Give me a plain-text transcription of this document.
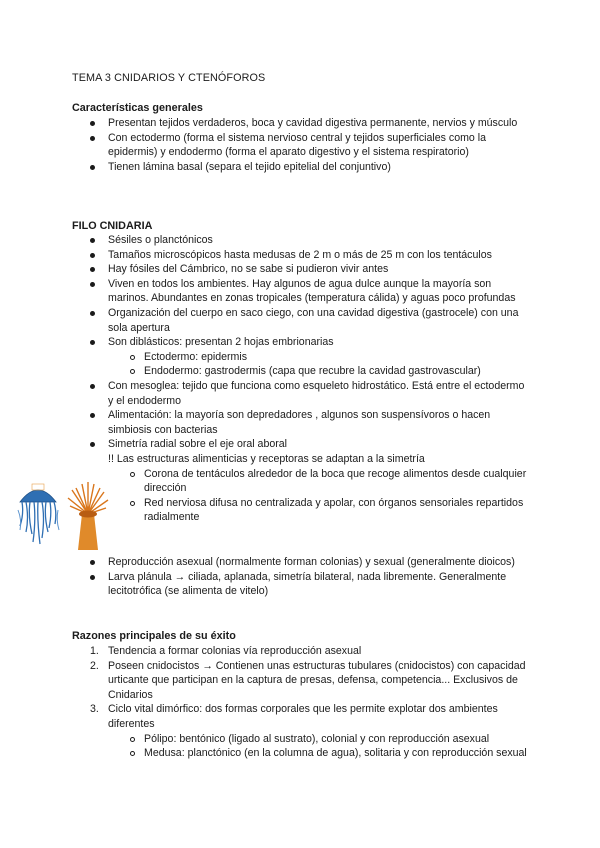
TEMA 3 CNIDARIOS Y CTENÓFOROS
Características generales
Presentan tejidos verdaderos, boca y cavidad digestiva permanente, nervios y músculo
Con ectodermo (forma el sistema nervioso central y tejidos superficiales como la epidermis) y endodermo (forma el aparato digestivo y el sistema respiratorio)
Tienen lámina basal (separa el tejido epitelial del conjuntivo)
FILO CNIDARIA
Sésiles o planctónicos
Tamaños microscópicos hasta medusas de 2 m o más de 25 m con los tentáculos
Hay fósiles del Cámbrico, no se sabe si pudieron vivir antes
Viven en todos los ambientes. Hay algunos de agua dulce aunque la mayoría son marinos. Abundantes en zonas tropicales (temperatura cálida) y aguas poco profundas
Organización del cuerpo en saco ciego, con una cavidad digestiva (gastrocele) con una sola apertura
Son diblásticos: presentan 2 hojas embrionarias
Ectodermo: epidermis
Endodermo: gastrodermis (capa que recubre la cavidad gastrovascular)
Con mesoglea: tejido que funciona como esqueleto hidrostático. Está entre el ectodermo y el endodermo
Alimentación: la mayoría son depredadores , algunos son suspensívoros o hacen simbiosis con bacterias
Simetría radial sobre el eje oral aboral
!! Las estructuras alimenticias y receptoras se adaptan a la simetría
Corona de tentáculos alrededor de la boca que recoge alimentos desde cualquier dirección
Red nerviosa difusa no centralizada y apolar, con órganos sensoriales repartidos radialmente
Reproducción asexual (normalmente forman colonias) y sexual (generalmente dioicos)
Larva plánula → ciliada, aplanada, simetría bilateral, nada libremente. Generalmente lecitotrófica (se alimenta de vitelo)
Razones principales de su éxito
1. Tendencia a formar colonias vía reproducción asexual
2. Poseen cnidocistos → Contienen unas estructuras tubulares (cnidocistos) con capacidad urticante que participan en la captura de presas, defensa, competencia... Exclusivos de Cnidarios
3. Ciclo vital dimórfico: dos formas corporales que les permite explotar dos ambientes diferentes
Pólipo: bentónico (ligado al sustrato), colonial y con reproducción asexual
Medusa: planctónico (en la columna de agua), solitaria y con reproducción sexual
